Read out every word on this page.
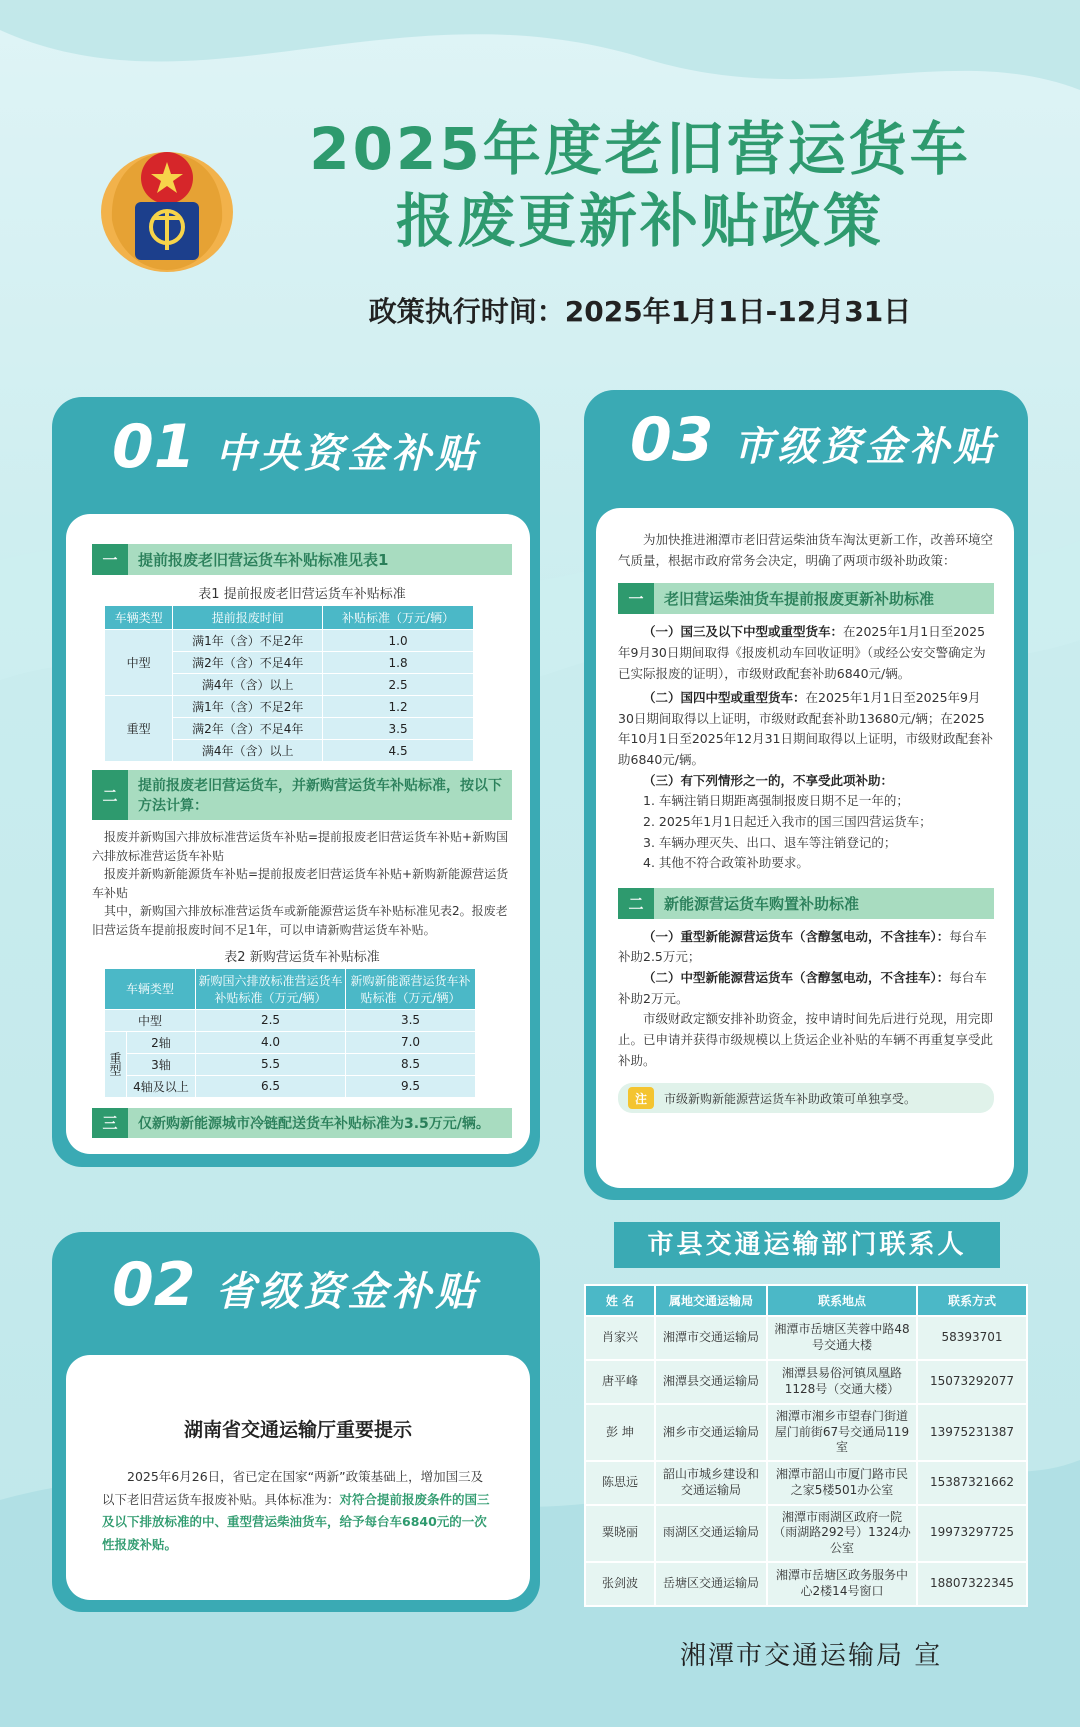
2025年度老旧营运货车
报废更新补贴政策
政策执行时间：2025年1月1日-12月31日
01 中央资金补贴
一	提前报废老旧营运货车补贴标准见表1
表1 提前报废老旧营运货车补贴标准
车辆类型	提前报废时间	补贴标准（万元/辆）
中型	满1年（含）不足2年	1.0
	满2年（含）不足4年	1.8
	满4年（含）以上	2.5
重型	满1年（含）不足2年	1.2
	满2年（含）不足4年	3.5
	满4年（含）以上	4.5
二
提前报废老旧营运货车，并新购营运货车补贴标准，按以下方法计算：

报废并新购国六排放标准营运货车补贴=提前报废老旧营运货车补贴+新购国六排放标准营运货车补贴

报废并新购新能源货车补贴=提前报废老旧营运货车补贴+新购新能源营运货车补贴

其中，新购国六排放标准营运货车或新能源营运货车补贴标准见表2。报废老旧营运货车提前报废时间不足1年，可以申请新购营运货车补贴。

表2 新购营运货车补贴标准
车辆类型		新购国六排放标准营运货车补贴标准（万元/辆）	新购新能源营运货车补贴标准（万元/辆）
中型		2.5	3.5
重型	2轴	4.0	7.0
	3轴	5.5	8.5
	4轴及以上	6.5	9.5
三	仅新购新能源城市冷链配送货车补贴标准为3.5万元/辆。
03 市级资金补贴

为加快推进湘潭市老旧营运柴油货车淘汰更新工作，改善环境空气质量，根据市政府常务会决定，明确了两项市级补助政策：

一	老旧营运柴油货车提前报废更新补助标准

（一）国三及以下中型或重型货车：在2025年1月1日至2025年9月30日期间取得《报废机动车回收证明》（或经公安交警确定为已实际报废的证明），市级财政配套补助6840元/辆。

（二）国四中型或重型货车：在2025年1月1日至2025年9月30日期间取得以上证明，市级财政配套补助13680元/辆；在2025年10月1日至2025年12月31日期间取得以上证明，市级财政配套补助6840元/辆。

（三）有下列情形之一的，不享受此项补助：

1. 车辆注销日期距离强制报废日期不足一年的；

2. 2025年1月1日起迁入我市的国三国四营运货车；

3. 车辆办理灭失、出口、退车等注销登记的；

4. 其他不符合政策补助要求。

二	新能源营运货车购置补助标准

（一）重型新能源营运货车（含醇氢电动，不含挂车）：每台车补助2.5万元；

（二）中型新能源营运货车（含醇氢电动，不含挂车）：每台车补助2万元。

市级财政定额安排补助资金，按申请时间先后进行兑现，用完即止。已申请并获得市级规模以上货运企业补贴的车辆不再重复享受此补助。

注	市级新购新能源营运货车补助政策可单独享受。
02 省级资金补贴
湖南省交通运输厅重要提示

2025年6月26日，省已定在国家“两新”政策基础上，增加国三及以下老旧营运货车报废补贴。具体标准为：对符合提前报废条件的国三及以下排放标准的中、重型营运柴油货车，给予每台车6840元的一次性报废补贴。

市县交通运输部门联系人
姓 名	属地交通运输局	联系地点	联系方式
肖家兴	湘潭市交通运输局	湘潭市岳塘区芙蓉中路48号交通大楼	58393701
唐平峰	湘潭县交通运输局	湘潭县易俗河镇凤凰路1128号（交通大楼）	15073292077
彭 坤	湘乡市交通运输局	湘潭市湘乡市望春门街道屋门前街67号交通局119室	13975231387
陈思远	韶山市城乡建设和交通运输局	湘潭市韶山市厦门路市民之家5楼501办公室	15387321662
粟晓丽	雨湖区交通运输局	湘潭市雨湖区政府一院（雨湖路292号）1324办公室	19973297725
张剑波	岳塘区交通运输局	湘潭市岳塘区政务服务中心2楼14号窗口	18807322345
湘潭市交通运输局 宣
